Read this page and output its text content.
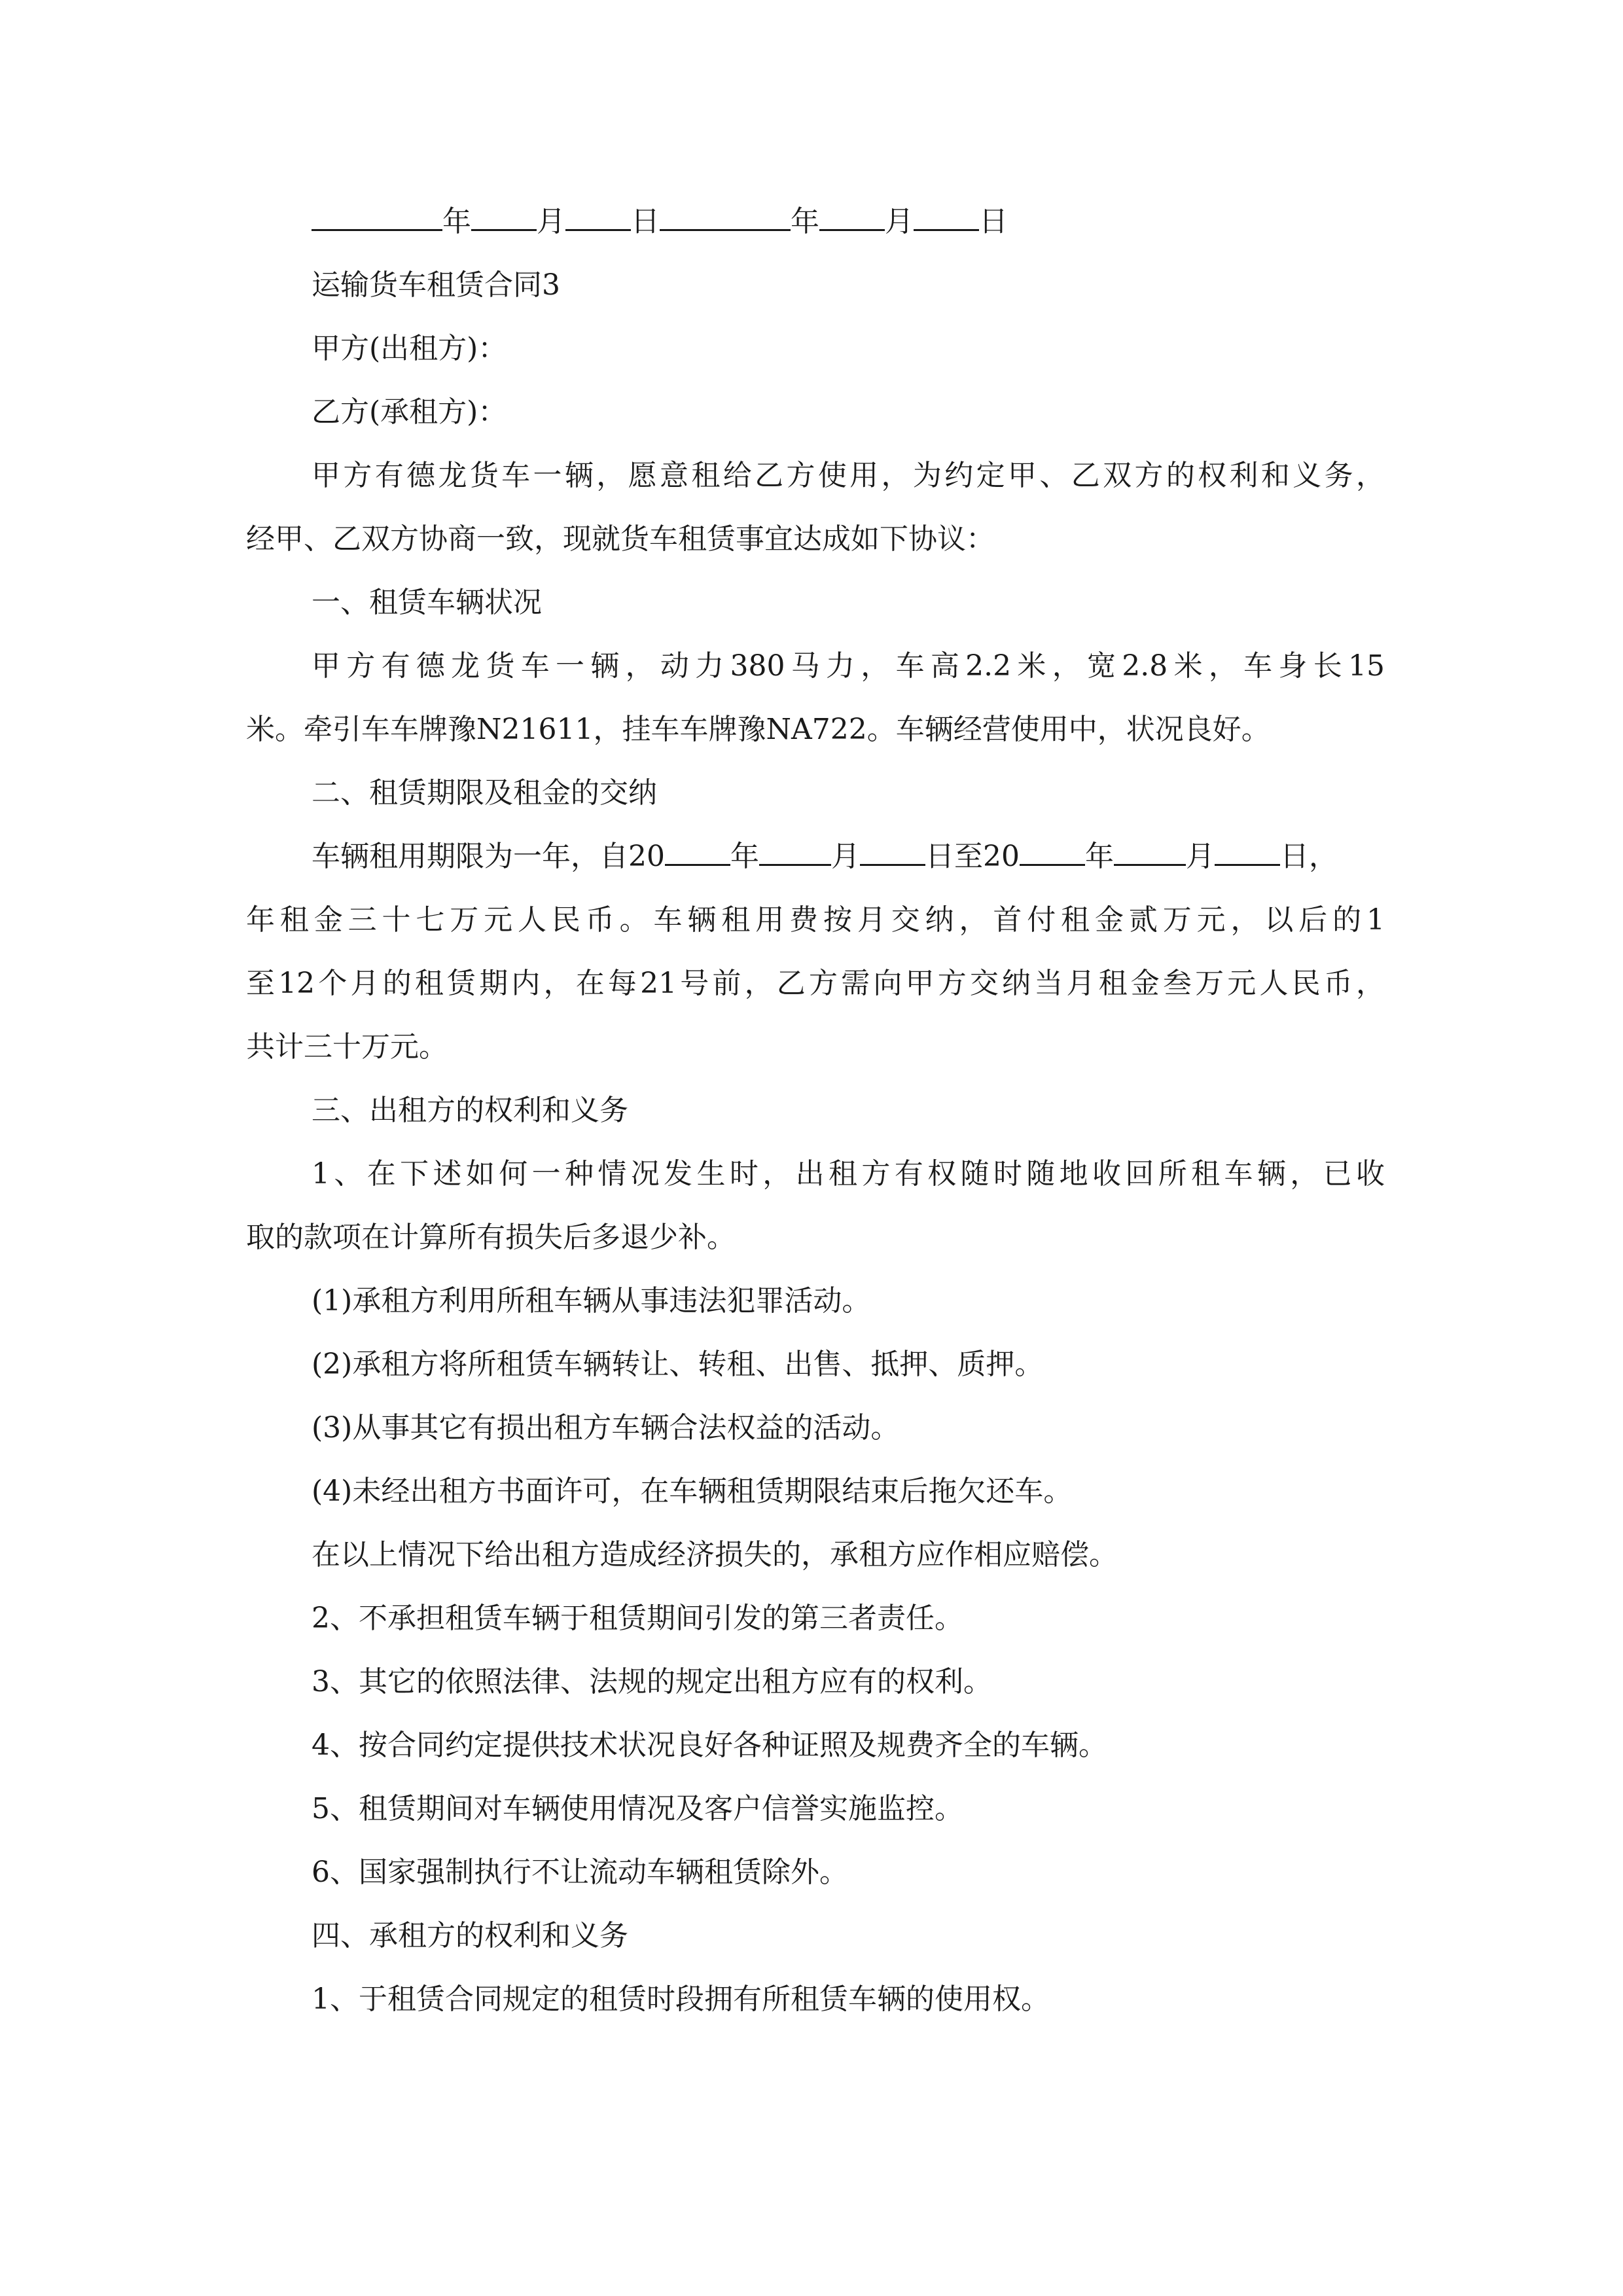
年 月 日	年 月 日
运输货车租赁合同3
甲方(出租方)：
乙方(承租方)：
甲方有德龙货车一辆，愿意租给乙方使用，为约定甲、乙双方的权利和义务，
经甲、乙双方协商一致，现就货车租赁事宜达成如下协议：
一、租赁车辆状况
甲方有德龙货车一辆，动力380马力，车高2.2米，宽2.8米，车身长15
米。牵引车车牌豫N21611，挂车车牌豫NA722。车辆经营使用中，状况良好。
二、租赁期限及租金的交纳
车辆租用期限为一年，自20 年	月 日至20 年	月 日，
年租金三十七万元人民币。车辆租用费按月交纳，首付租金贰万元，以后的1
至12个月的租赁期内，在每21号前，乙方需向甲方交纳当月租金叁万元人民币，
共计三十万元。
三、出租方的权利和义务
1、在下述如何一种情况发生时，出租方有权随时随地收回所租车辆，已收
取的款项在计算所有损失后多退少补。
(1)承租方利用所租车辆从事违法犯罪活动。
(2)承租方将所租赁车辆转让、转租、出售、抵押、质押。
(3)从事其它有损出租方车辆合法权益的活动。
(4)未经出租方书面许可，在车辆租赁期限结束后拖欠还车。
在以上情况下给出租方造成经济损失的，承租方应作相应赔偿。
2、不承担租赁车辆于租赁期间引发的第三者责任。
3、其它的依照法律、法规的规定出租方应有的权利。
4、按合同约定提供技术状况良好各种证照及规费齐全的车辆。
5、租赁期间对车辆使用情况及客户信誉实施监控。
6、国家强制执行不让流动车辆租赁除外。
四、承租方的权利和义务
1、于租赁合同规定的租赁时段拥有所租赁车辆的使用权。
